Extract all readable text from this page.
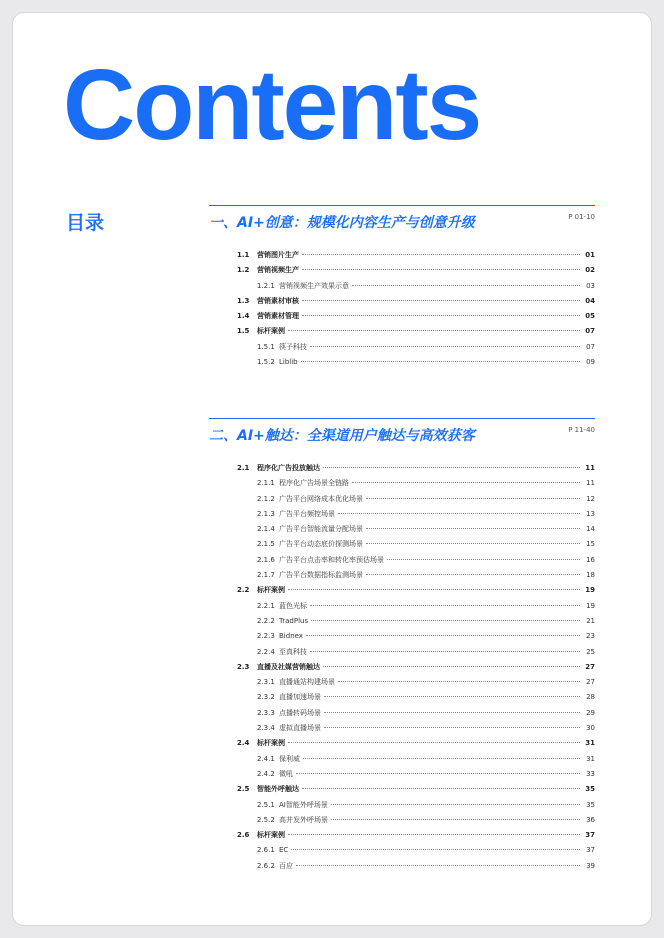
Contents
目录	一、AI+创意：规模化内容生产与创意升级	P 01-10
1.1	营销图片生产	01
1.2	营销视频生产	02
1.2.1 营销视频生产效果示意	03
1.3	营销素材审核	04
1.4	营销素材管理	05
1.5	标杆案例	07
1.5.1 筷子科技	07
1.5.2 Liblib	09
二、AI+触达：全渠道用户触达与高效获客	P 11-40
2.1	程序化广告投放触达	11
2.1.1 程序化广告场景全链路	11
2.1.2 广告平台网络成本优化场景	12
2.1.3 广告平台频控场景	13
2.1.4 广告平台智能流量分配场景	14
2.1.5 广告平台动态底价探测场景	15
2.1.6 广告平台点击率和转化率预估场景	16
2.1.7 广告平台数据指标监测场景	18
2.2	标杆案例	19
2.2.1 蓝色光标	19
2.2.2 TradPlus	21
2.2.3 Bidnex	23
2.2.4 至真科技	25
2.3	直播及社媒营销触达	27
2.3.1 直播通站构建场景	27
2.3.2 直播加速场景	28
2.3.3 点播转码场景	29
2.3.4 虚拟直播场景	30
2.4	标杆案例	31
2.4.1 保利威	31
2.4.2 微吼	33
2.5	智能外呼触达	35
2.5.1 AI智能外呼场景	35
2.5.2 高并发外呼场景	36
2.6	标杆案例	37
2.6.1 EC	37
2.6.2 百应	39
